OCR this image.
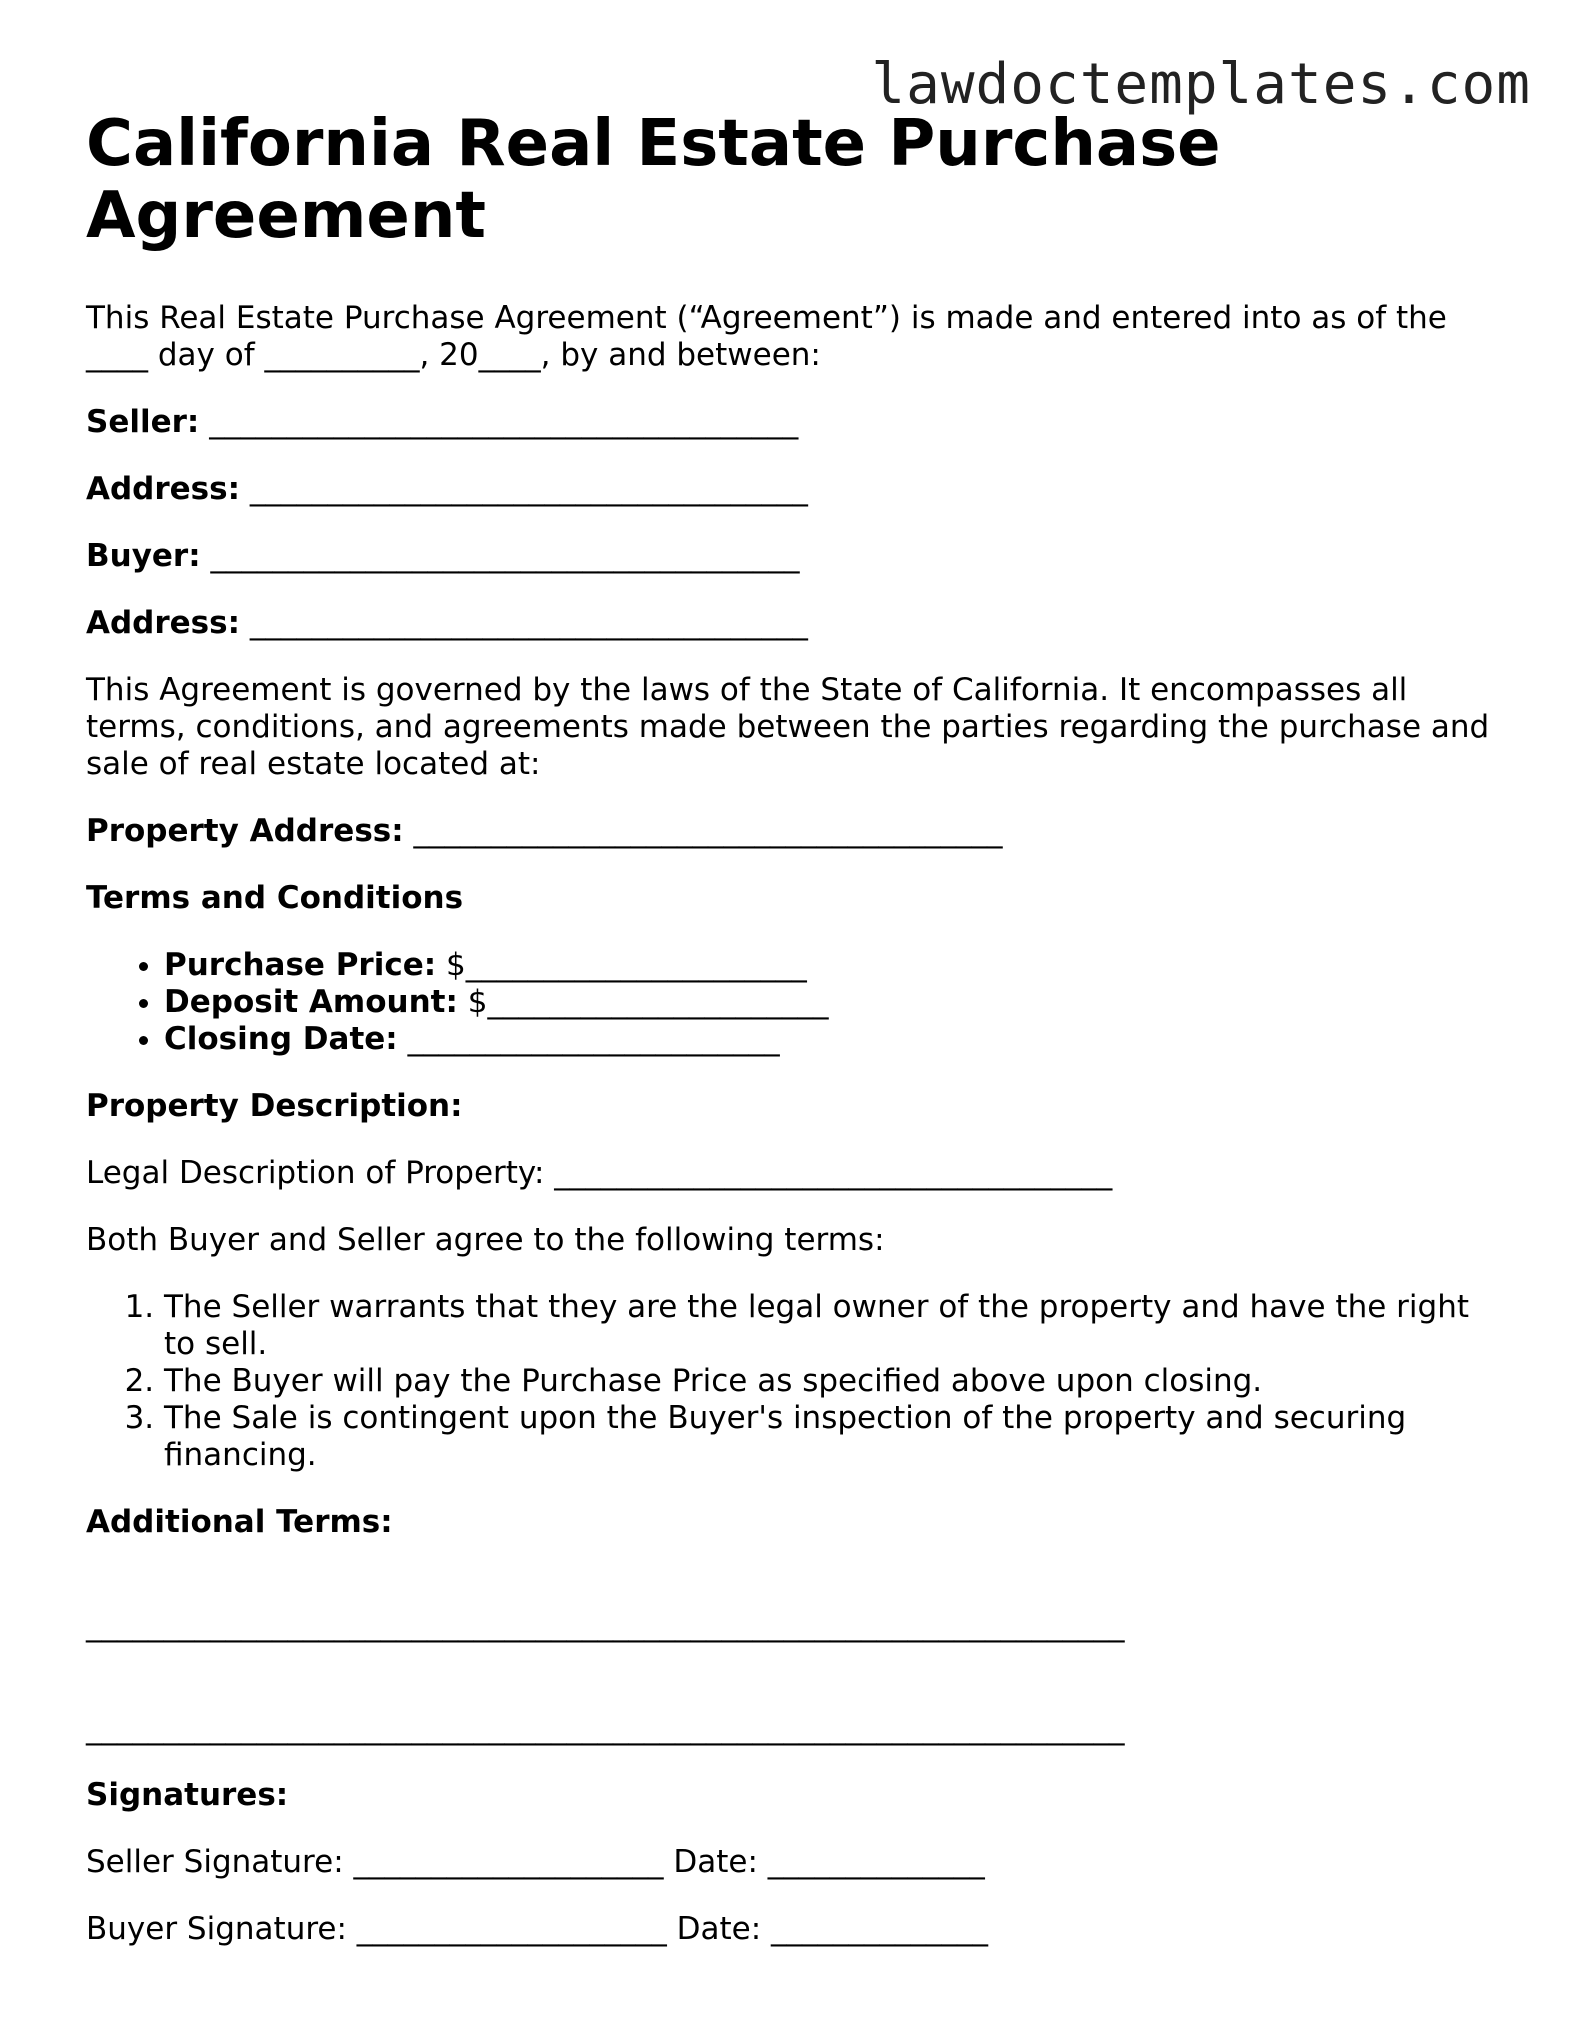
lawdoctemplates.com
California Real Estate Purchase Agreement

This Real Estate Purchase Agreement (“Agreement”) is made and entered into as of the ____ day of __________, 20____, by and between:

Seller: ______________________________________

Address: ____________________________________

Buyer: ______________________________________

Address: ____________________________________

This Agreement is governed by the laws of the State of California. It encompasses all terms, conditions, and agreements made between the parties regarding the purchase and sale of real estate located at:

Property Address: ______________________________________

Terms and Conditions

• Purchase Price: $______________________
• Deposit Amount: $______________________
• Closing Date: ________________________

Property Description:

Legal Description of Property: ____________________________________

Both Buyer and Seller agree to the following terms:

1. The Seller warrants that they are the legal owner of the property and have the right to sell.
2. The Buyer will pay the Purchase Price as specified above upon closing.
3. The Sale is contingent upon the Buyer's inspection of the property and securing financing.

Additional Terms:

___________________________________________________________________
___________________________________________________________________

Signatures:

Seller Signature: ____________________ Date: ______________

Buyer Signature: ____________________ Date: ______________
